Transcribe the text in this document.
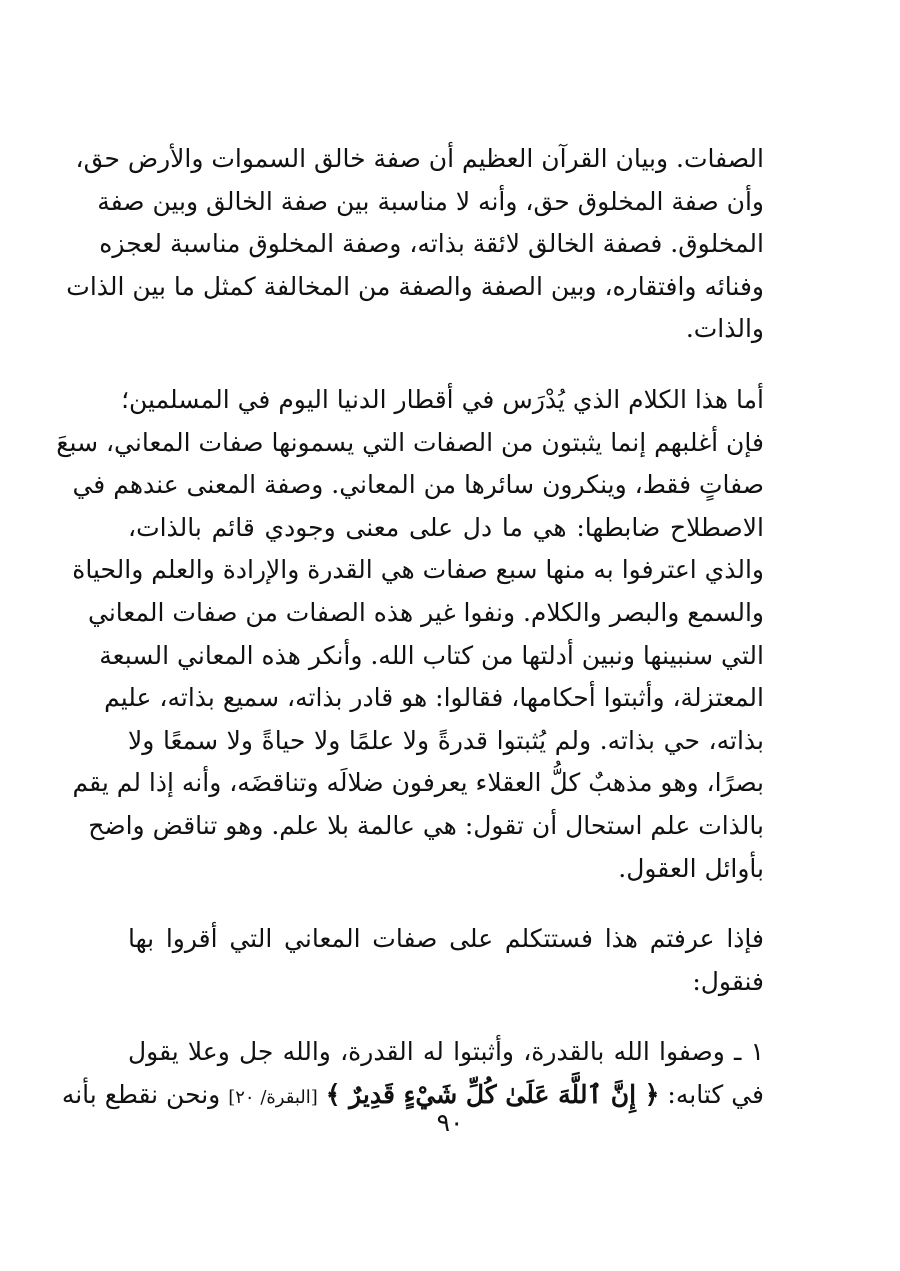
الصفات. وبيان القرآن العظيم أن صفة خالق السموات والأرض حق،
وأن صفة المخلوق حق، وأنه لا مناسبة بين صفة الخالق وبين صفة
المخلوق. فصفة الخالق لائقة بذاته، وصفة المخلوق مناسبة لعجزه
وفنائه وافتقاره، وبين الصفة والصفة من المخالفة كمثل ما بين الذات
والذات.
أما هذا الكلام الذي يُدْرَس في أقطار الدنيا اليوم في المسلمين؛
فإن أغلبهم إنما يثبتون من الصفات التي يسمونها صفات المعاني، سبعَ
صفاتٍ فقط، وينكرون سائرها من المعاني. وصفة المعنى عندهم في
الاصطلاح ضابطها: هي ما دل على معنى وجودي قائم بالذات،
والذي اعترفوا به منها سبع صفات هي القدرة والإرادة والعلم والحياة
والسمع والبصر والكلام. ونفوا غير هذه الصفات من صفات المعاني
التي سنبينها ونبين أدلتها من كتاب الله. وأنكر هذه المعاني السبعة
المعتزلة، وأثبتوا أحكامها، فقالوا: هو قادر بذاته، سميع بذاته، عليم
بذاته، حي بذاته. ولم يُثبتوا قدرةً ولا علمًا ولا حياةً ولا سمعًا ولا
بصرًا، وهو مذهبٌ كلُّ العقلاء يعرفون ضلالَه وتناقضَه، وأنه إذا لم يقم
بالذات علم استحال أن تقول: هي عالمة بلا علم. وهو تناقض واضح
بأوائل العقول.
فإذا عرفتم هذا فستتكلم على صفات المعاني التي أقروا بها
فنقول:
١ ـ وصفوا الله بالقدرة، وأثبتوا له القدرة، والله جل وعلا يقول
في كتابه: ﴿ إِنَّ ٱللَّهَ عَلَىٰ كُلِّ شَيْءٍ قَدِيرٌ ﴾ [البقرة/ ٢٠] ونحن نقطع بأنه
٩٠
